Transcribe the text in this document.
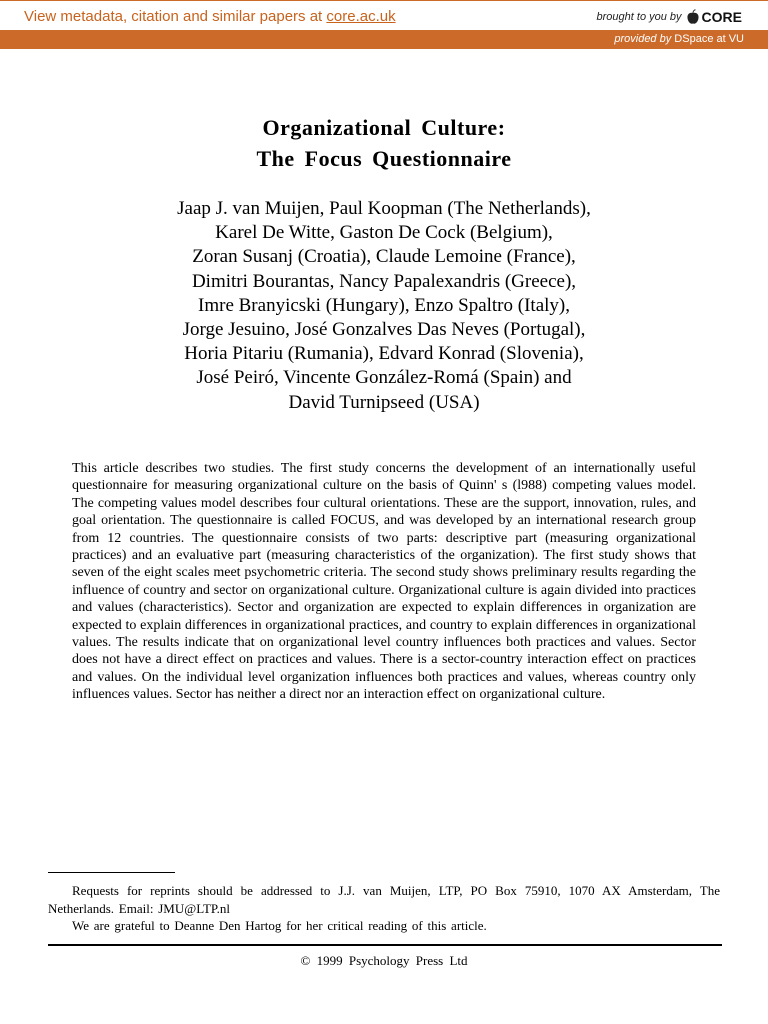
View metadata, citation and similar papers at core.ac.uk	brought to you by CORE
provided by DSpace at VU
Organizational Culture:
The Focus Questionnaire
Jaap J. van Muijen, Paul Koopman (The Netherlands),
Karel De Witte, Gaston De Cock (Belgium),
Zoran Susanj (Croatia), Claude Lemoine (France),
Dimitri Bourantas, Nancy Papalexandris (Greece),
Imre Branyicski (Hungary), Enzo Spaltro (Italy),
Jorge Jesuino, José Gonzalves Das Neves (Portugal),
Horia Pitariu (Rumania), Edvard Konrad (Slovenia),
José Peiró, Vincente González-Romá (Spain) and
David Turnipseed (USA)
This article describes two studies. The first study concerns the development of an internationally useful questionnaire for measuring organizational culture on the basis of Quinn' s (l988) competing values model. The competing values model describes four cultural orientations. These are the support, innovation, rules, and goal orientation. The questionnaire is called FOCUS, and was developed by an international research group from 12 countries. The questionnaire consists of two parts: descriptive part (measuring organizational practices) and an evaluative part (measuring characteristics of the organization). The first study shows that seven of the eight scales meet psychometric criteria. The second study shows preliminary results regarding the influence of country and sector on organizational culture. Organizational culture is again divided into practices and values (characteristics). Sector and organization are expected to explain differences in organization are expected to explain differences in organizational practices, and country to explain differences in organizational values. The results indicate that on organizational level country influences both practices and values. Sector does not have a direct effect on practices and values. There is a sector-country interaction effect on practices and values. On the individual level organization influences both practices and values, whereas country only influences values. Sector has neither a direct nor an interaction effect on organizational culture.

Requests for reprints should be addressed to J.J. van Muijen, LTP, PO Box 75910, 1070 AX Amsterdam, The Netherlands. Email: JMU@LTP.nl

We are grateful to Deanne Den Hartog for her critical reading of this article.

© 1999 Psychology Press Ltd
